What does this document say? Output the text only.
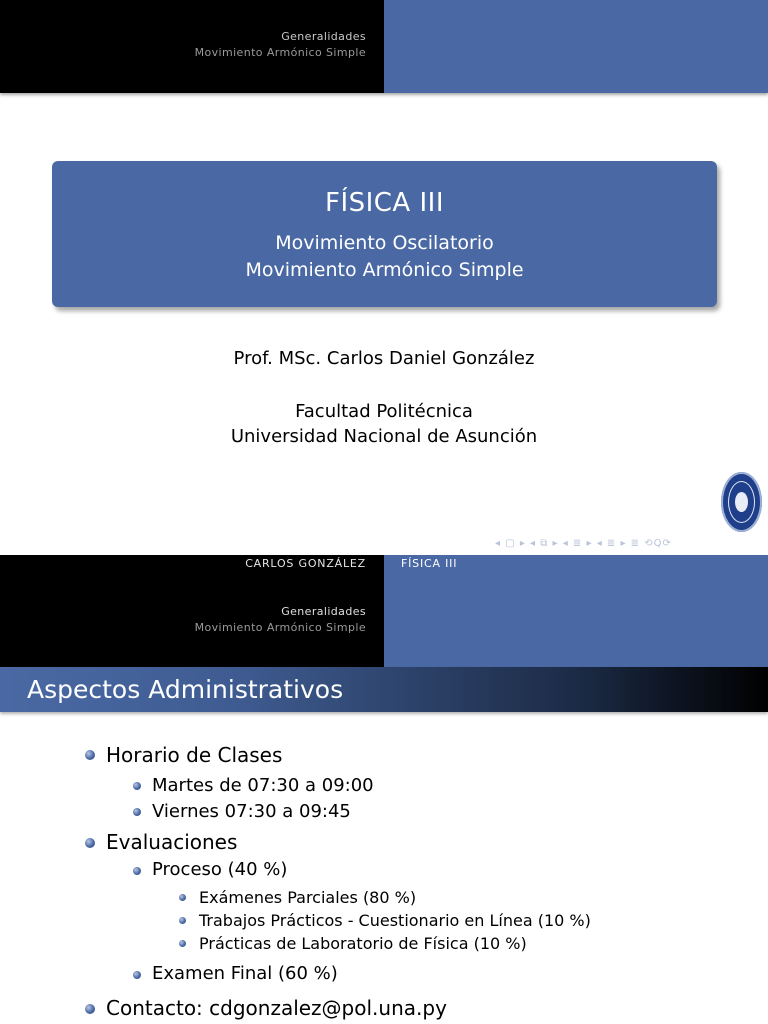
Generalidades
Movimiento Armónico Simple
FÍSICA III
Movimiento Oscilatorio
Movimiento Armónico Simple
Prof. MSc. Carlos Daniel González
Facultad Politécnica
Universidad Nacional de Asunción
◂ ▢ ▸ ◂ ⧉ ▸ ◂ ≣ ▸ ◂ ≣ ▸ ≣ ⟲Q⟳
CARLOS GONZÁLEZ	FÍSICA III
Generalidades
Movimiento Armónico Simple
Aspectos Administrativos
Horario de Clases
Martes de 07:30 a 09:00
Viernes 07:30 a 09:45
Evaluaciones
Proceso (40 %)
Exámenes Parciales (80 %)
Trabajos Prácticos - Cuestionario en Línea (10 %)
Prácticas de Laboratorio de Física (10 %)
Examen Final (60 %)
Contacto: cdgonzalez@pol.una.py
